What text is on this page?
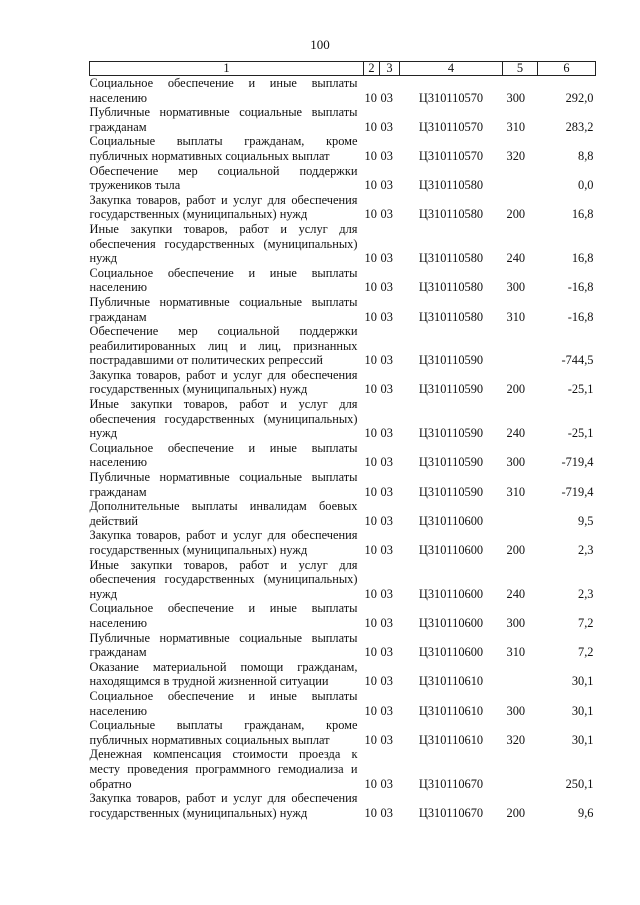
100
1	2	3	4	5	6
Социальное обеспечение и иные выплаты населению	10	03	Ц310110570	300	292,0
Публичные нормативные социальные выплаты гражданам	10	03	Ц310110570	310	283,2
Социальные выплаты гражданам, кроме публичных нормативных социальных выплат	10	03	Ц310110570	320	8,8
Обеспечение мер социальной поддержки тружеников тыла	10	03	Ц310110580		0,0
Закупка товаров, работ и услуг для обеспечения государственных (муниципальных) нужд	10	03	Ц310110580	200	16,8
Иные закупки товаров, работ и услуг для обеспечения государственных (муниципальных) нужд	10	03	Ц310110580	240	16,8
Социальное обеспечение и иные выплаты населению	10	03	Ц310110580	300	-16,8
Публичные нормативные социальные выплаты гражданам	10	03	Ц310110580	310	-16,8
Обеспечение мер социальной поддержки реабилитированных лиц и лиц, признанных пострадавшими от политических репрессий	10	03	Ц310110590		-744,5
Закупка товаров, работ и услуг для обеспечения государственных (муниципальных) нужд	10	03	Ц310110590	200	-25,1
Иные закупки товаров, работ и услуг для обеспечения государственных (муниципальных) нужд	10	03	Ц310110590	240	-25,1
Социальное обеспечение и иные выплаты населению	10	03	Ц310110590	300	-719,4
Публичные нормативные социальные выплаты гражданам	10	03	Ц310110590	310	-719,4
Дополнительные выплаты инвалидам боевых действий	10	03	Ц310110600		9,5
Закупка товаров, работ и услуг для обеспечения государственных (муниципальных) нужд	10	03	Ц310110600	200	2,3
Иные закупки товаров, работ и услуг для обеспечения государственных (муниципальных) нужд	10	03	Ц310110600	240	2,3
Социальное обеспечение и иные выплаты населению	10	03	Ц310110600	300	7,2
Публичные нормативные социальные выплаты гражданам	10	03	Ц310110600	310	7,2
Оказание материальной помощи гражданам, находящимся в трудной жизненной ситуации	10	03	Ц310110610		30,1
Социальное обеспечение и иные выплаты населению	10	03	Ц310110610	300	30,1
Социальные выплаты гражданам, кроме публичных нормативных социальных выплат	10	03	Ц310110610	320	30,1
Денежная компенсация стоимости проезда к месту проведения программного гемодиализа и обратно	10	03	Ц310110670		250,1
Закупка товаров, работ и услуг для обеспечения государственных (муниципальных) нужд	10	03	Ц310110670	200	9,6
